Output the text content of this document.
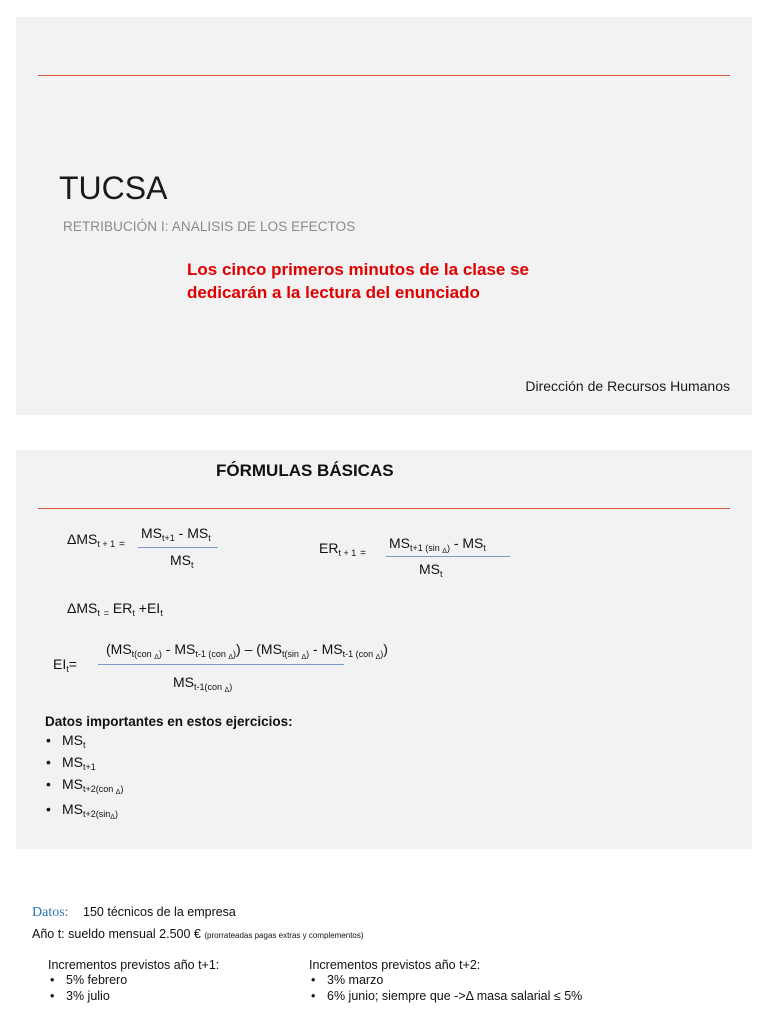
TUCSA
RETRIBUCIÓN I: ANALISIS DE LOS EFECTOS
Los cinco primeros minutos de la clase se
dedicarán a la lectura del enunciado
Dirección de Recursos Humanos
FÓRMULAS BÁSICAS
$\Delta MS_{t + 1}$ $_=$
$MS_{t+1} - MS_t$
$MS_t$
$ER_{t + 1}$ $_=$
$MS_{t+1 (sin _\Delta)} - MS_t$
$MS_t$
$\Delta MS_t$ $_=$ $ER_t +EI_t$
$EI_t=$
$(MS_{t(con _\Delta)} - MS_{t-1 (con _\Delta)}) - (MS_{t(sin _\Delta)} - MS_{t-1 (con _\Delta)})$
$MS_{t-1(con _\Delta)}$
Datos importantes en estos ejercicios:
• $MS_t$
• $MS_{t+1}$
• $MS_{t+2(con _\Delta)}$
• $MS_{t+2(sin_\Delta)}$
Datos: 150 técnicos de la empresa
Año t: sueldo mensual 2.500 € (prorrateadas pagas extras y complementos)
Incrementos previstos año t+1:
• 5% febrero
• 3% julio
Incrementos previstos año t+2:
• 3% marzo
• 6% junio; siempre que ->Δ masa salarial ≤ 5%
